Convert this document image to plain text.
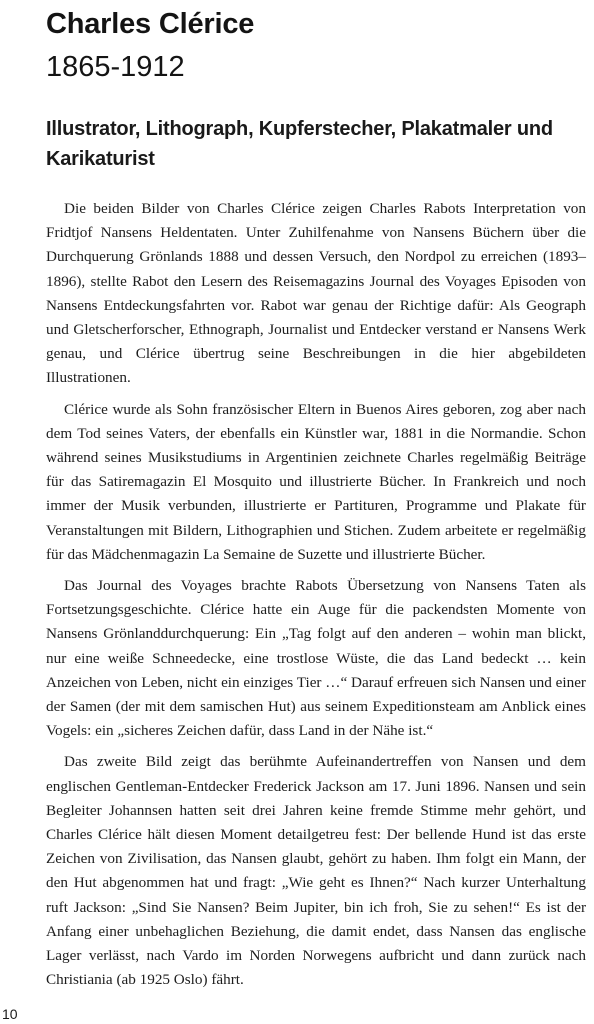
Charles Clérice
1865-1912
Illustrator, Lithograph, Kupferstecher, Plakatmaler und Karikaturist

Die beiden Bilder von Charles Clérice zeigen Charles Rabots Interpretation von Fridtjof Nansens Heldentaten. Unter Zuhilfenahme von Nansens Büchern über die Durchquerung Grönlands 1888 und dessen Versuch, den Nordpol zu erreichen (1893–1896), stellte Rabot den Lesern des Reisemagazins Journal des Voyages Episoden von Nansens Entdeckungsfahrten vor. Rabot war genau der Richtige dafür: Als Geograph und Gletscherforscher, Ethnograph, Journalist und Entdecker verstand er Nansens Werk genau, und Clérice übertrug seine Beschreibungen in die hier abgebildeten Illustrationen.

Clérice wurde als Sohn französischer Eltern in Buenos Aires geboren, zog aber nach dem Tod seines Vaters, der ebenfalls ein Künstler war, 1881 in die Normandie. Schon während seines Musikstudiums in Argentinien zeichnete Charles regelmäßig Beiträge für das Satiremagazin El Mosquito und illustrierte Bücher. In Frankreich und noch immer der Musik verbunden, illustrierte er Partituren, Programme und Plakate für Veranstaltungen mit Bildern, Lithographien und Stichen. Zudem arbeitete er regelmäßig für das Mädchenmagazin La Semaine de Suzette und illustrierte Bücher.

Das Journal des Voyages brachte Rabots Übersetzung von Nansens Taten als Fortsetzungsgeschichte. Clérice hatte ein Auge für die packendsten Momente von Nansens Grönlanddurchquerung: Ein „Tag folgt auf den anderen – wohin man blickt, nur eine weiße Schneedecke, eine trostlose Wüste, die das Land bedeckt … kein Anzeichen von Leben, nicht ein einziges Tier …“ Darauf erfreuen sich Nansen und einer der Samen (der mit dem samischen Hut) aus seinem Expeditionsteam am Anblick eines Vogels: ein „sicheres Zeichen dafür, dass Land in der Nähe ist.“

Das zweite Bild zeigt das berühmte Aufeinandertreffen von Nansen und dem englischen Gentleman-Entdecker Frederick Jackson am 17. Juni 1896. Nansen und sein Begleiter Johannsen hatten seit drei Jahren keine fremde Stimme mehr gehört, und Charles Clérice hält diesen Moment detailgetreu fest: Der bellende Hund ist das erste Zeichen von Zivilisation, das Nansen glaubt, gehört zu haben. Ihm folgt ein Mann, der den Hut abgenommen hat und fragt: „Wie geht es Ihnen?“ Nach kurzer Unterhaltung ruft Jackson: „Sind Sie Nansen? Beim Jupiter, bin ich froh, Sie zu sehen!“ Es ist der Anfang einer unbehaglichen Beziehung, die damit endet, dass Nansen das englische Lager verlässt, nach Vardo im Norden Norwegens aufbricht und dann zurück nach Christiania (ab 1925 Oslo) fährt.

10
